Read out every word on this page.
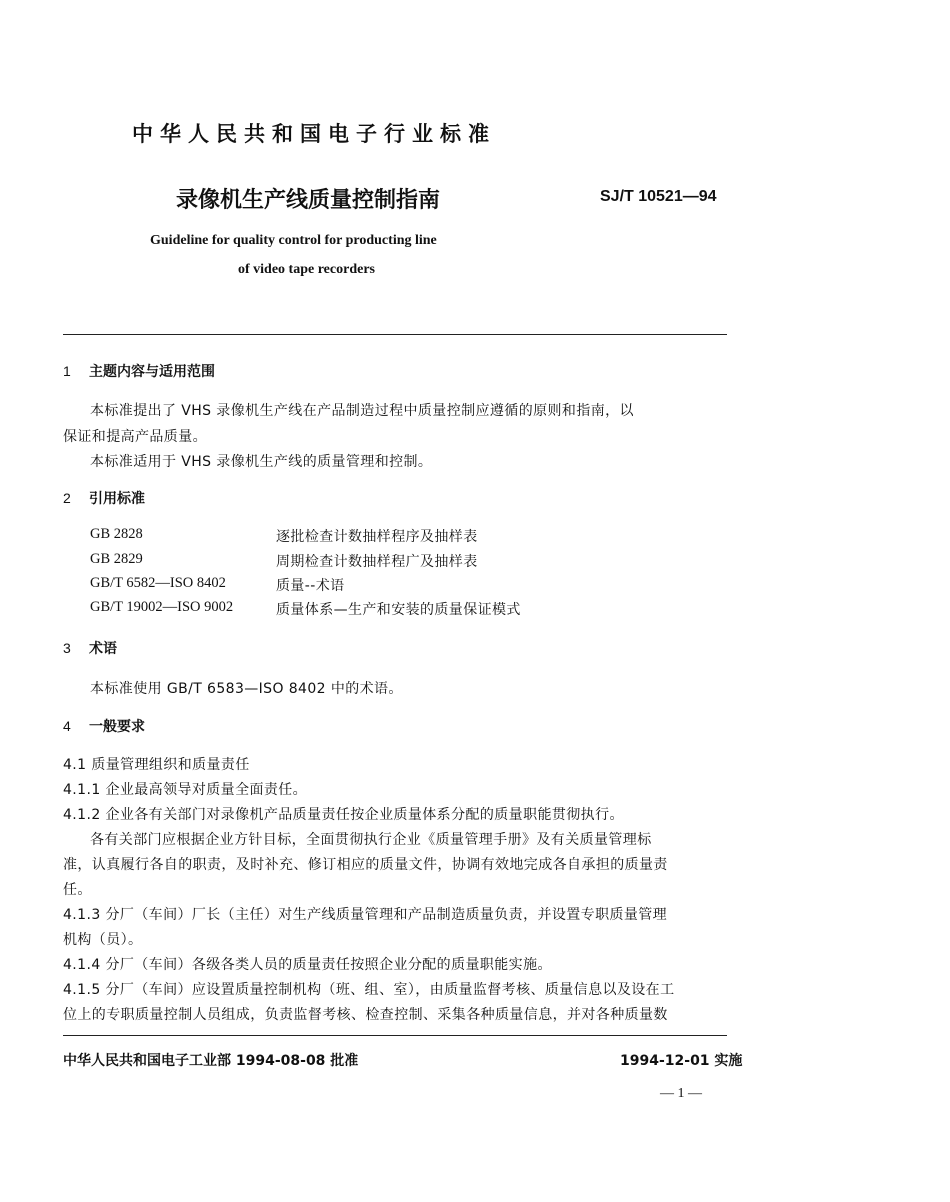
中华人民共和国电子行业标准
录像机生产线质量控制指南	SJ/T 10521—94
Guideline for quality control for producting line
of video tape recorders
1 主题内容与适用范围
本标准提出了 VHS 录像机生产线在产品制造过程中质量控制应遵循的原则和指南，以
保证和提高产品质量。
本标准适用于 VHS 录像机生产线的质量管理和控制。
2 引用标准
GB 2828	逐批检查计数抽样程序及抽样表
GB 2829	周期检查计数抽样程广及抽样表
GB/T 6582—ISO 8402	质量--术语
GB/T 19002—ISO 9002	质量体系—生产和安装的质量保证模式
3 术语
本标准使用 GB/T 6583—ISO 8402 中的术语。
4 一般要求
4.1 质量管理组织和质量责任
4.1.1 企业最高领导对质量全面责任。
4.1.2 企业各有关部门对录像机产品质量责任按企业质量体系分配的质量职能贯彻执行。
各有关部门应根据企业方针目标，全面贯彻执行企业《质量管理手册》及有关质量管理标
准，认真履行各自的职责，及时补充、修订相应的质量文件，协调有效地完成各自承担的质量责
任。
4.1.3 分厂（车间）厂长（主任）对生产线质量管理和产品制造质量负责，并设置专职质量管理
机构（员）。
4.1.4 分厂（车间）各级各类人员的质量责任按照企业分配的质量职能实施。
4.1.5 分厂（车间）应设置质量控制机构（班、组、室），由质量监督考核、质量信息以及设在工
位上的专职质量控制人员组成，负责监督考核、检查控制、采集各种质量信息，并对各种质量数
中华人民共和国电子工业部 1994-08-08 批准	1994-12-01 实施
— 1 —
